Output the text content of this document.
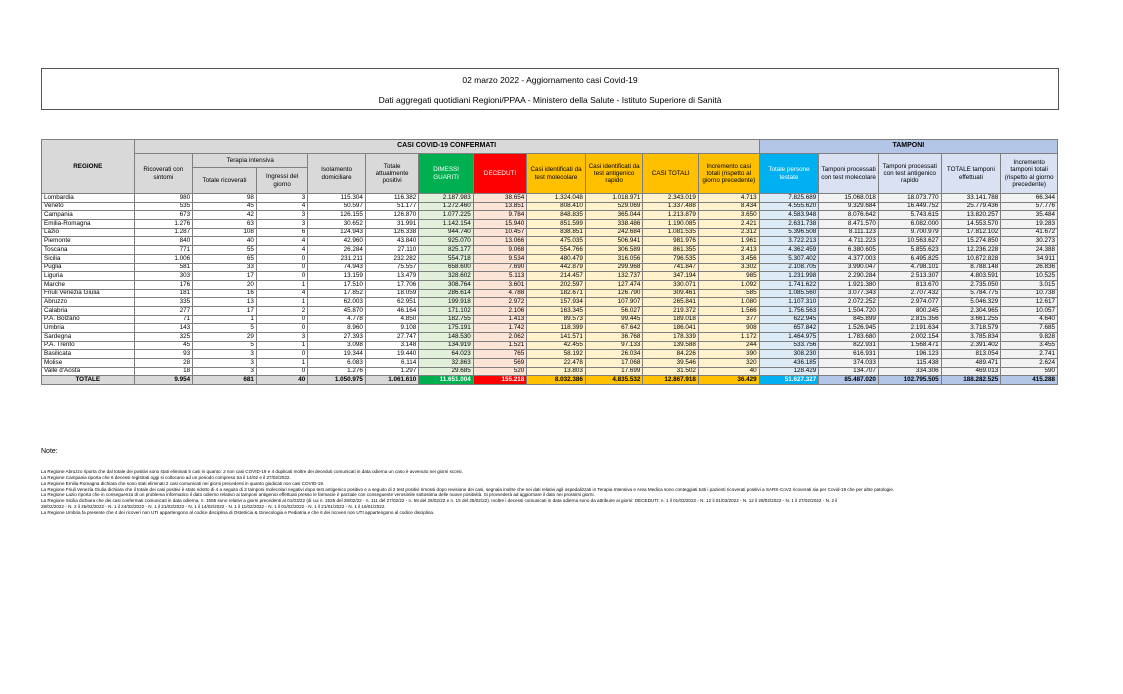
02 marzo 2022 - Aggiornamento casi Covid-19
Dati aggregati quotidiani Regioni/PPAA - Ministero della Salute - Istituto Superiore di Sanità
REGIONE	CASI COVID-19 CONFERMATI											TAMPONI				
	Ricoverati con sintomi	Terapia intensiva		Isolamento domiciliare	Totale attualmente positivi	DIMESSI GUARITI	DECEDUTI	Casi identificati da test molecolare	Casi identificati da test antigenico rapido	CASI TOTALI	Incremento casi totali (rispetto al giorno precedente)	Totale persone testate	Tamponi processati con test molecolare	Tamponi processati con test antigenico rapido	TOTALE tamponi effettuati	Incremento tamponi totali (rispetto al giorno precedente)
		Totale ricoverati	Ingressi del giorno													
Lombardia	980	98	3	115.304	116.382	2.187.983	38.654	1.324.048	1.018.971	2.343.019	4.713	7.825.689	15.068.018	18.073.770	33.141.788	66.344
Veneto	535	45	4	50.597	51.177	1.272.460	13.851	808.410	529.069	1.337.488	8.434	4.555.620	9.329.684	16.449.752	25.779.436	57.776
Campania	673	42	3	126.155	126.870	1.077.225	9.784	848.835	365.044	1.213.879	3.650	4.583.948	8.076.642	5.743.615	13.820.257	35.484
Emilia-Romagna	1.276	63	3	30.652	31.991	1.142.154	15.940	851.599	338.486	1.190.085	2.421	2.631.738	8.471.570	6.082.000	14.553.570	19.283
Lazio	1.287	108	6	124.943	126.338	944.740	10.457	838.851	242.684	1.081.535	2.312	5.396.508	8.111.123	9.700.979	17.812.102	41.672
Piemonte	840	40	4	42.960	43.840	925.070	13.066	475.035	506.941	981.976	1.961	3.722.213	4.711.223	10.563.627	15.274.850	30.273
Toscana	771	55	4	26.284	27.110	825.177	9.068	554.766	306.589	861.355	2.413	4.362.459	6.380.605	5.855.623	12.236.228	24.388
Sicilia	1.006	65	0	231.211	232.282	554.718	9.534	480.479	316.056	796.535	3.456	5.307.402	4.377.003	6.495.825	10.872.828	34.911
Puglia	581	33	0	74.943	75.557	658.600	7.690	442.879	299.968	741.847	3.302	2.108.705	3.990.047	4.798.101	8.788.148	26.836
Liguria	303	17	0	13.159	13.479	328.602	5.113	214.457	132.737	347.194	985	1.231.998	2.290.284	2.513.307	4.803.591	10.525
Marche	176	20	1	17.510	17.706	308.764	3.601	202.597	127.474	330.071	1.092	1.741.622	1.921.380	813.670	2.735.050	3.015
Friuli Venezia Giulia	181	16	4	17.852	18.059	286.614	4.788	182.671	126.790	309.461	585	1.085.560	3.077.343	2.707.432	5.784.775	10.738
Abruzzo	335	13	1	62.003	62.951	199.918	2.972	157.934	107.907	265.841	1.080	1.107.310	2.072.252	2.974.077	5.046.329	12.617
Calabria	277	17	2	45.870	46.164	171.102	2.106	163.345	56.027	219.372	1.566	1.756.563	1.504.720	800.245	2.304.965	10.057
P.A. Bolzano	71	1	0	4.778	4.850	182.755	1.413	89.573	99.445	189.018	377	622.945	845.899	2.815.356	3.661.255	4.640
Umbria	143	5	0	8.960	9.108	175.191	1.742	118.399	67.642	186.041	908	657.842	1.526.945	2.191.634	3.718.579	7.685
Sardegna	325	29	3	27.393	27.747	148.530	2.062	141.571	36.768	178.339	1.172	1.464.975	1.783.680	2.002.154	3.785.834	9.828
P.A. Trento	45	5	1	3.098	3.148	134.919	1.521	42.455	97.133	139.588	244	533.756	822.931	1.568.471	2.391.402	3.455
Basilicata	93	3	0	19.344	19.440	64.023	765	58.192	26.034	84.226	390	308.230	616.931	196.123	813.054	2.741
Molise	28	3	1	6.083	6.114	32.863	569	22.478	17.068	39.546	320	436.185	374.033	115.438	489.471	2.624
Valle d'Aosta	18	3	0	1.276	1.297	29.685	520	13.803	17.699	31.502	40	128.429	134.707	334.306	469.013	590
TOTALE	9.954	681	40	1.050.975	1.061.610	11.651.004	155.218	8.032.386	4.835.532	12.867.918	36.429	51.627.327	85.487.020	102.795.505	188.282.525	415.288
Note:

La Regione Abruzzo riporta che dal totale dei positivi sono stati eliminati 5 casi in quanto: 2 non casi COVID-19 e 4 duplicati Inoltre dei deceduti comunicati in data odierna un caso è avvenuto nei giorni scorsi.

La Regione Campania riporta che 6 decessi registrati oggi si collocano ad un periodo compreso tra il 14/02 e il 27/02/2022.

La Regione Emilia Romagna dichiara che sono stati eliminati 2 casi comunicati nei giorni precedenti in quanto giudicati non casi COVID-19.

La Regione Friuli Venezia Giulia dichiara che il totale dei casi positivi è stato ridotto di 4 a seguito di 2 tamponi molecolari negativi dopo test antigenico positivo e a seguito di 2 test positivi rimossi dopo revisione dei casi, segnala inoltre che nei dati relativi agli ospedalizzati in Terapia Intensiva e Area Medica sono conteggiati tutti i pazienti ricoverati positivi a SARS-CoV2 ricoverati sia per Covid-19 che per altre patologie.

La Regione Lazio riporta che in conseguenza di un problema informatico il dato odierno relativo ai tamponi antigenici effettuati presso le farmacie è parziale con conseguente verosimile sottostima delle nuove positività. Si provvederà ad aggiornare il dato nei prossimi giorni.

La Regione Sicilia dichiara che dei casi confermati comunicati in data odierna, n. 1555 sono relativi a giorni precedenti al 01/03/22 (di cui n. 1525 del 28/02/22 - n. 111 del 27/02/22 - n. 58 del 26/02/22 e n. 15 del 25/02/22). Inoltre i decessi comunicati in data odierna sono da attribuire ai giorni: DECEDUTI: n. 1 il 01/03/2022 - N. 12 il 01/03/2022 - N. 12 il 28/02/2022 - N. 1 il 27/02/2022 - N. 2 il

28/02/2022 - N. 2 il 25/02/2022 - N. 1 il 24/02/2022 - N. 1 il 21/02/2022 - N. 1 il 14/02/2022 - N. 1 il 11/02/2022 - N. 1 il 01/02/2022 - N. 1 il 21/01/2022 - N. 1 il 16/01/2022.

La Regione Umbria fa presente che 4 dei ricoveri non UTI appartengono al codice disciplina di Ostetricia & Ginecologia e Pediatria e che 6 dei ricoveri non UTI appartengono al codice disciplina.
